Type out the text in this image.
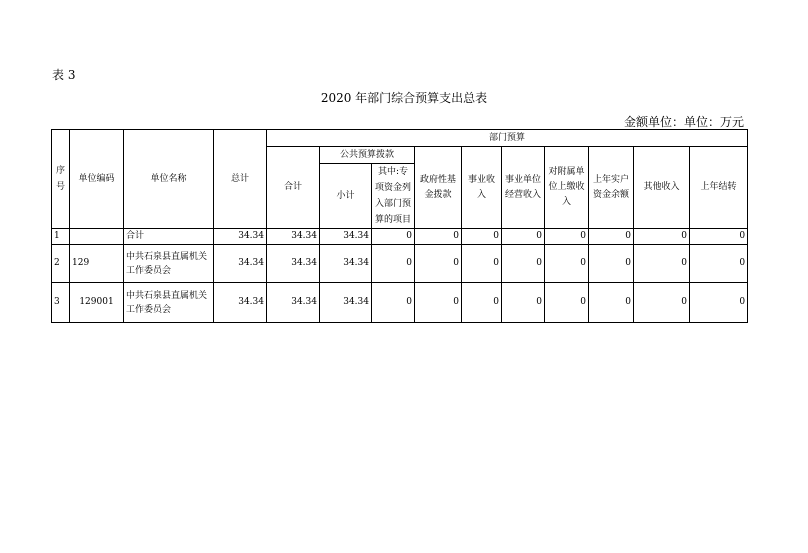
表 3
2020 年部门综合预算支出总表
金额单位：单位：万元
序号	单位编码	单位名称	总计	部门预算									
				合计	公共预算拨款		政府性基金拨款	事业收入	事业单位经营收入	对附属单位上缴收入	上年实户资金余额	其他收入	上年结转
					小计	其中:专项资金列入部门预算的项目							
1		合计	34.34	34.34	34.34	0	0	0	0	0	0	0	0
2	129	中共石泉县直属机关工作委员会	34.34	34.34	34.34	0	0	0	0	0	0	0	0
3	129001	中共石泉县直属机关工作委员会	34.34	34.34	34.34	0	0	0	0	0	0	0	0
